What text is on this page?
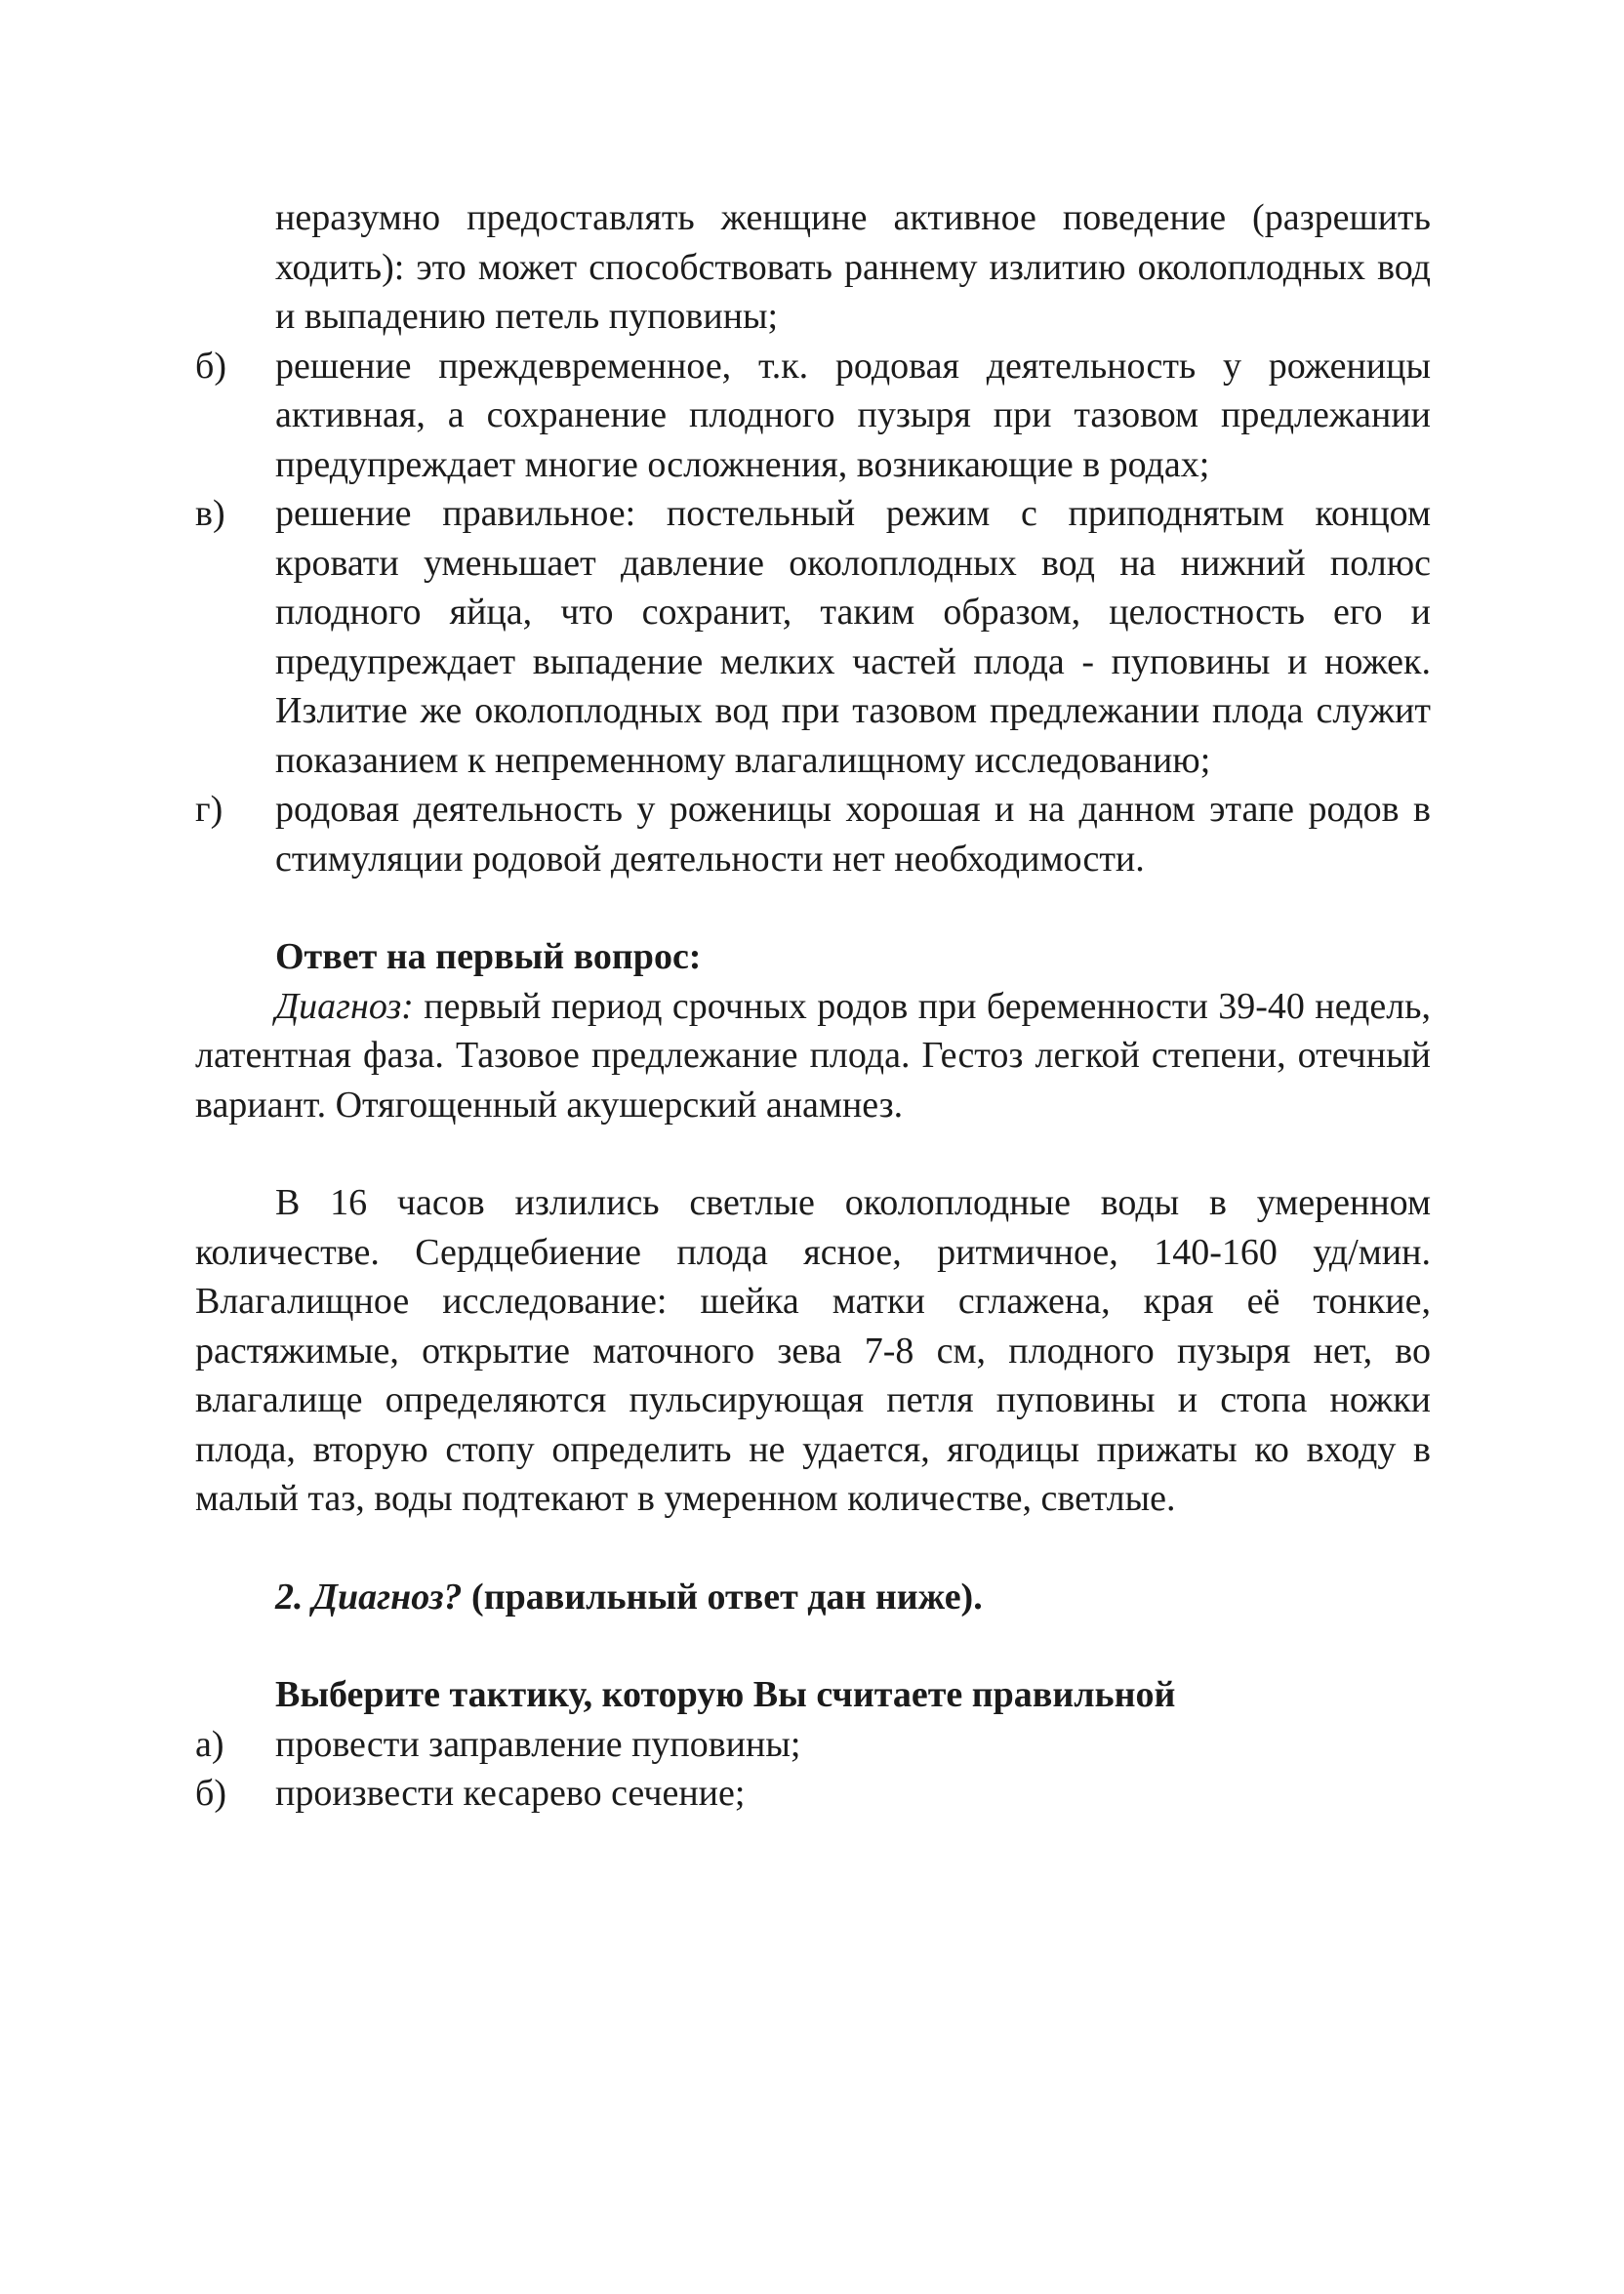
неразумно предоставлять женщине активное поведение (разрешить ходить): это может способствовать раннему излитию околоплодных вод и выпадению петель пуповины;
б) решение преждевременное, т.к. родовая деятельность у роженицы активная, а сохранение плодного пузыря при тазовом предлежании предупреждает многие осложнения, возникающие в родах;
в) решение правильное: постельный режим с приподнятым концом кровати уменьшает давление околоплодных вод на нижний полюс плодного яйца, что сохранит, таким образом, целостность его и предупреждает выпадение мелких частей плода - пуповины и ножек. Излитие же околоплодных вод при тазовом предлежании плода служит показанием к непременному влагалищному исследованию;
г) родовая деятельность у роженицы хорошая и на данном этапе родов в стимуляции родовой деятельности нет необходимости.
Ответ на первый вопрос:
Диагноз: первый период срочных родов при беременности 39-40 недель, латентная фаза. Тазовое предлежание плода. Гестоз легкой степени, отечный вариант. Отягощенный акушерский анамнез.
В 16 часов излились светлые околоплодные воды в умеренном количестве. Сердцебиение плода ясное, ритмичное, 140-160 уд/мин. Влагалищное исследование: шейка матки сглажена, края её тонкие, растяжимые, открытие маточного зева 7-8 см, плодного пузыря нет, во влагалище определяются пульсирующая петля пуповины и стопа ножки плода, вторую стопу определить не удается, ягодицы прижаты ко входу в малый таз, воды подтекают в умеренном количестве, светлые.
2. Диагноз? (правильный ответ дан ниже).
Выберите тактику, которую Вы считаете правильной
а) провести заправление пуповины;
б) произвести кесарево сечение;
